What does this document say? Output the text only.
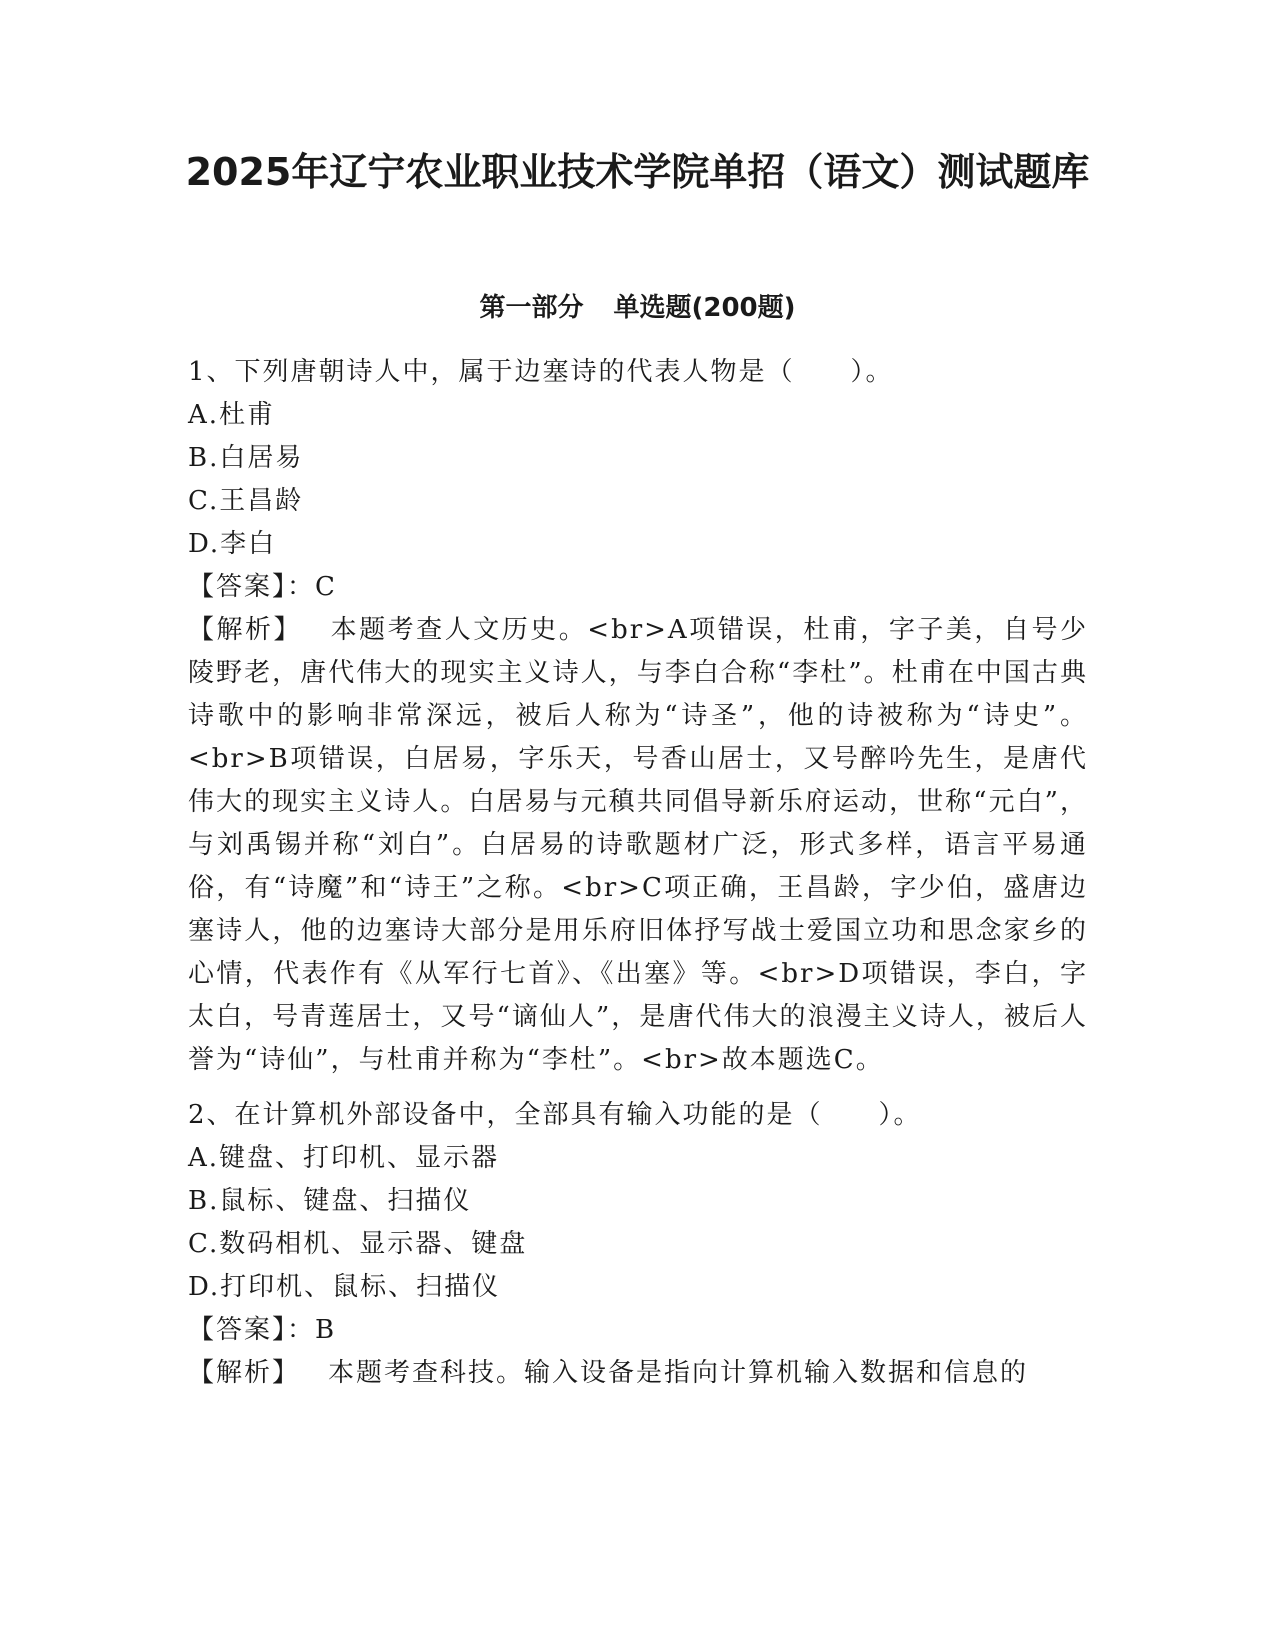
2025年辽宁农业职业技术学院单招（语文）测试题库
第一部分 单选题(200题)

1、下列唐朝诗人中，属于边塞诗的代表人物是（　　）。

A.杜甫

B.白居易

C.王昌龄

D.李白

【答案】：C

【解析】 本题考查人文历史。<br>A项错误，杜甫，字子美，自号少陵野老，唐代伟大的现实主义诗人，与李白合称“李杜”。杜甫在中国古典诗歌中的影响非常深远，被后人称为“诗圣”，他的诗被称为“诗史”。<br>B项错误，白居易，字乐天，号香山居士，又号醉吟先生，是唐代伟大的现实主义诗人。白居易与元稹共同倡导新乐府运动，世称“元白”，与刘禹锡并称“刘白”。白居易的诗歌题材广泛，形式多样，语言平易通俗，有“诗魔”和“诗王”之称。<br>C项正确，王昌龄，字少伯，盛唐边塞诗人，他的边塞诗大部分是用乐府旧体抒写战士爱国立功和思念家乡的心情，代表作有《从军行七首》、《出塞》等。<br>D项错误，李白，字太白，号青莲居士，又号“谪仙人”，是唐代伟大的浪漫主义诗人，被后人誉为“诗仙”，与杜甫并称为“李杜”。<br>故本题选C。

2、在计算机外部设备中，全部具有输入功能的是（　　）。

A.键盘、打印机、显示器

B.鼠标、键盘、扫描仪

C.数码相机、显示器、键盘

D.打印机、鼠标、扫描仪

【答案】：B

【解析】 本题考查科技。输入设备是指向计算机输入数据和信息的
